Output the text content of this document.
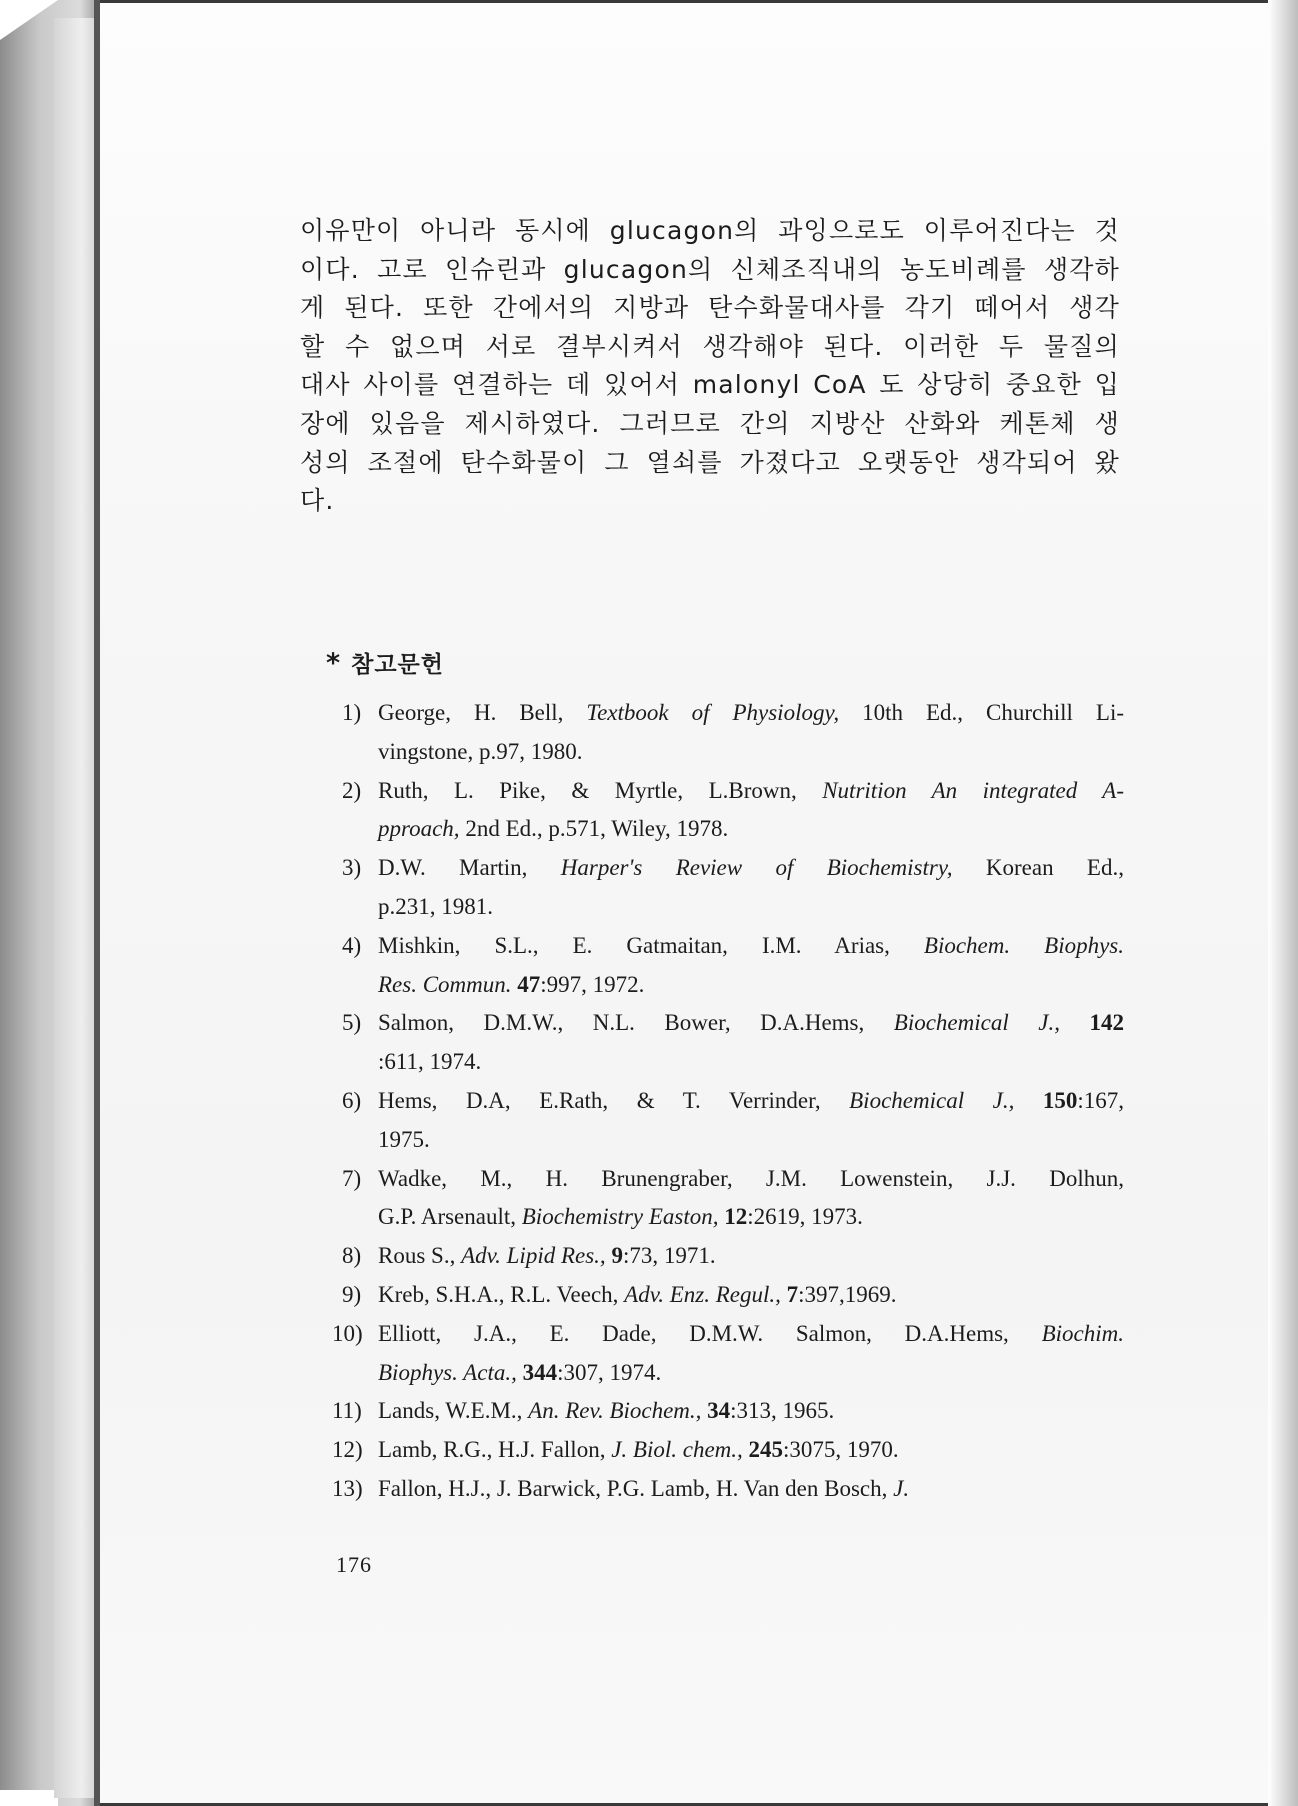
이유만이 아니라 동시에 glucagon의 과잉으로도 이루어진다는 것
이다. 고로 인슈린과 glucagon의 신체조직내의 농도비례를 생각하
게 된다. 또한 간에서의 지방과 탄수화물대사를 각기 떼어서 생각
할 수 없으며 서로 결부시켜서 생각해야 된다. 이러한 두 물질의
대사 사이를 연결하는 데 있어서 malonyl CoA 도 상당히 중요한 입
장에 있음을 제시하였다. 그러므로 간의 지방산 산화와 케톤체 생
성의 조절에 탄수화물이 그 열쇠를 가졌다고 오랫동안 생각되어 왔
다.
* 참고문헌
1) George, H. Bell, Textbook of Physiology, 10th Ed., Churchill Li-
vingstone, p.97, 1980.
2) Ruth, L. Pike, & Myrtle, L.Brown, Nutrition An integrated A-
pproach, 2nd Ed., p.571, Wiley, 1978.
3) D.W. Martin, Harper's Review of Biochemistry, Korean Ed.,
p.231, 1981.
4) Mishkin, S.L., E. Gatmaitan, I.M. Arias, Biochem. Biophys.
Res. Commun. 47:997, 1972.
5) Salmon, D.M.W., N.L. Bower, D.A.Hems, Biochemical J., 142
:611, 1974.
6) Hems, D.A, E.Rath, & T. Verrinder, Biochemical J., 150:167,
1975.
7) Wadke, M., H. Brunengraber, J.M. Lowenstein, J.J. Dolhun,
G.P. Arsenault, Biochemistry Easton, 12:2619, 1973.
8) Rous S., Adv. Lipid Res., 9:73, 1971.
9) Kreb, S.H.A., R.L. Veech, Adv. Enz. Regul., 7:397,1969.
10) Elliott, J.A., E. Dade, D.M.W. Salmon, D.A.Hems, Biochim.
Biophys. Acta., 344:307, 1974.
11) Lands, W.E.M., An. Rev. Biochem., 34:313, 1965.
12) Lamb, R.G., H.J. Fallon, J. Biol. chem., 245:3075, 1970.
13) Fallon, H.J., J. Barwick, P.G. Lamb, H. Van den Bosch, J.
176
